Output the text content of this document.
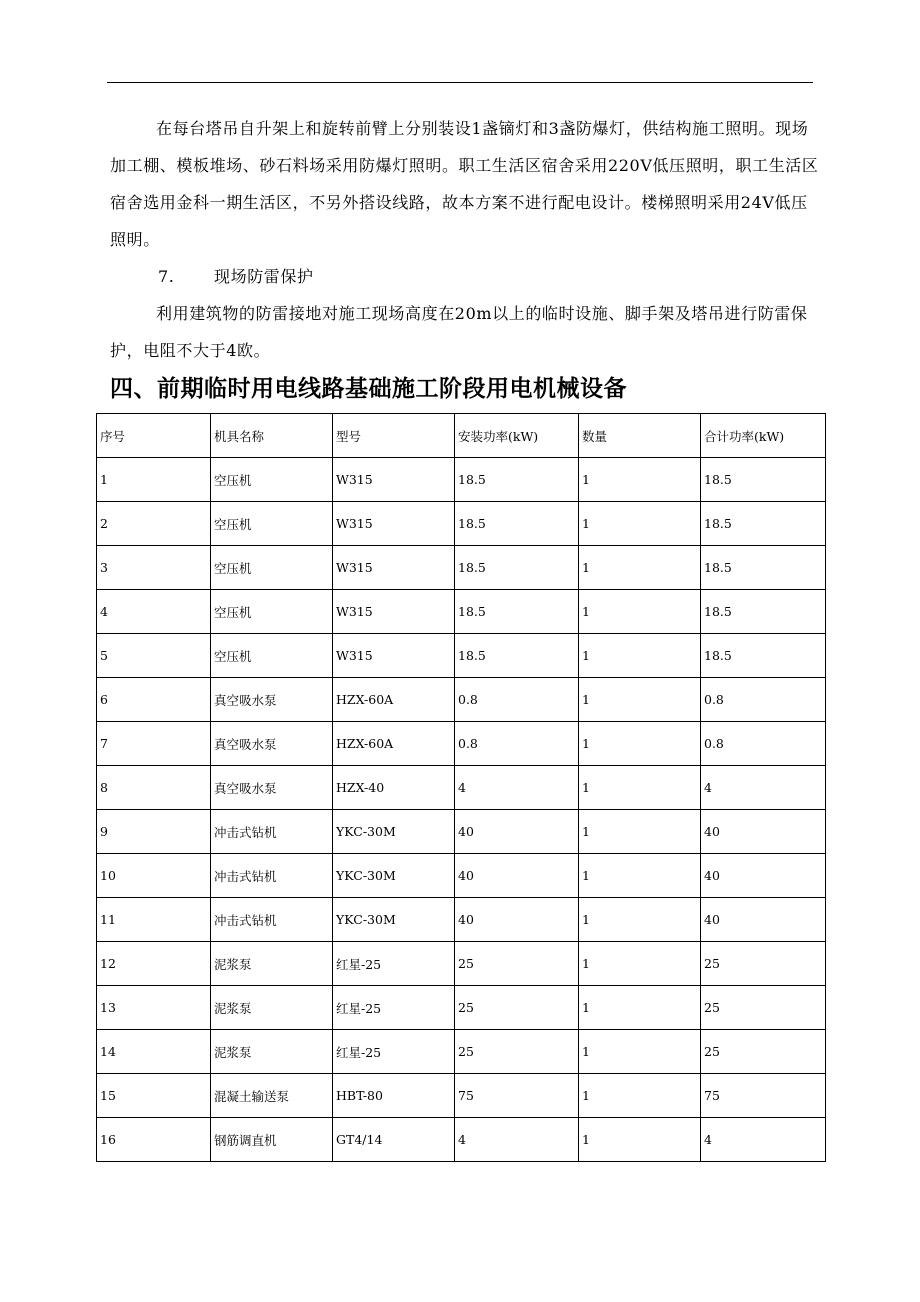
在每台塔吊自升架上和旋转前臂上分别装设1盏镝灯和3盏防爆灯，供结构施工照明。现场加工棚、模板堆场、砂石料场采用防爆灯照明。职工生活区宿舍采用220V低压照明，职工生活区宿舍选用金科一期生活区，不另外搭设线路，故本方案不进行配电设计。楼梯照明采用24V低压照明。
7. 现场防雷保护
利用建筑物的防雷接地对施工现场高度在20m以上的临时设施、脚手架及塔吊进行防雷保护，电阻不大于4欧。
四、前期临时用电线路基础施工阶段用电机械设备
序号	机具名称	型号	安装功率(kW)	数量	合计功率(kW)
1	空压机	W315	18.5	1	18.5
2	空压机	W315	18.5	1	18.5
3	空压机	W315	18.5	1	18.5
4	空压机	W315	18.5	1	18.5
5	空压机	W315	18.5	1	18.5
6	真空吸水泵	HZX-60A	0.8	1	0.8
7	真空吸水泵	HZX-60A	0.8	1	0.8
8	真空吸水泵	HZX-40	4	1	4
9	冲击式钻机	YKC-30M	40	1	40
10	冲击式钻机	YKC-30M	40	1	40
11	冲击式钻机	YKC-30M	40	1	40
12	泥浆泵	红星-25	25	1	25
13	泥浆泵	红星-25	25	1	25
14	泥浆泵	红星-25	25	1	25
15	混凝土输送泵	HBT-80	75	1	75
16	钢筋调直机	GT4/14	4	1	4
